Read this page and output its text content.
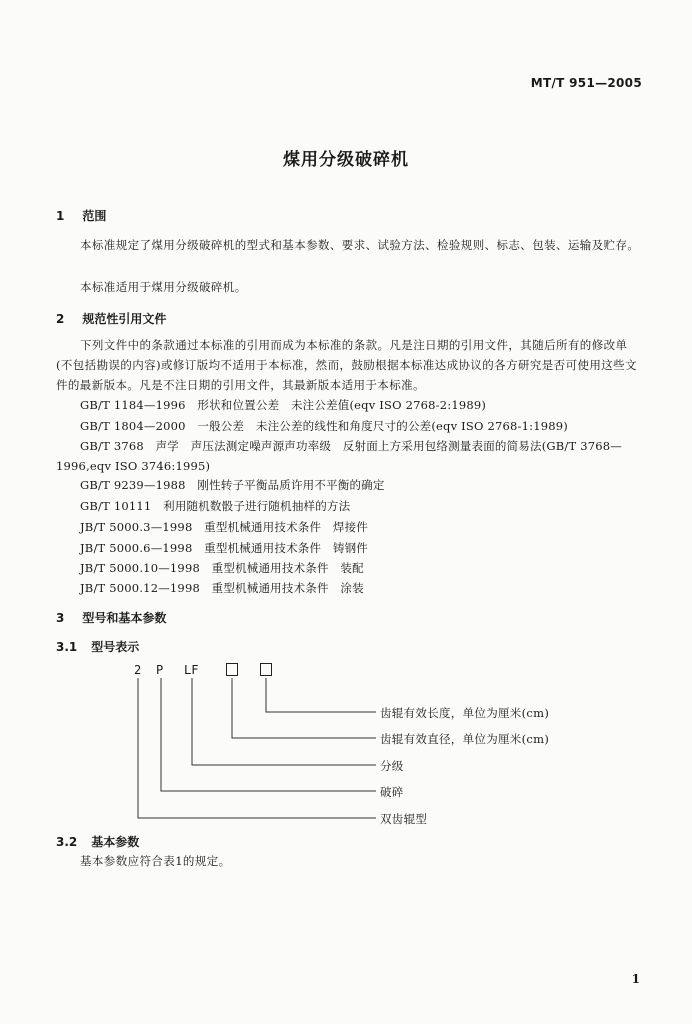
MT/T 951—2005
煤用分级破碎机
1 范围
本标准规定了煤用分级破碎机的型式和基本参数、要求、试验方法、检验规则、标志、包装、运输及贮存。
本标准适用于煤用分级破碎机。
2 规范性引用文件
下列文件中的条款通过本标准的引用而成为本标准的条款。凡是注日期的引用文件，其随后所有的修改单(不包括勘误的内容)或修订版均不适用于本标准，然而，鼓励根据本标准达成协议的各方研究是否可使用这些文件的最新版本。凡是不注日期的引用文件，其最新版本适用于本标准。
GB/T 1184—1996　形状和位置公差　未注公差值(eqv ISO 2768-2:1989)
GB/T 1804—2000　一般公差　未注公差的线性和角度尺寸的公差(eqv ISO 2768-1:1989)
GB/T 3768　声学　声压法测定噪声源声功率级　反射面上方采用包络测量表面的简易法(GB/T 3768—1996,eqv ISO 3746:1995)
GB/T 9239—1988　刚性转子平衡品质许用不平衡的确定
GB/T 10111　利用随机数骰子进行随机抽样的方法
JB/T 5000.3—1998　重型机械通用技术条件　焊接件
JB/T 5000.6—1998　重型机械通用技术条件　铸钢件
JB/T 5000.10—1998　重型机械通用技术条件　装配
JB/T 5000.12—1998　重型机械通用技术条件　涂装
3 型号和基本参数
3.1 型号表示
2 P LF
齿辊有效长度，单位为厘米(cm)
齿辊有效直径，单位为厘米(cm)
分级
破碎
双齿辊型
3.2 基本参数
基本参数应符合表1的规定。
1
